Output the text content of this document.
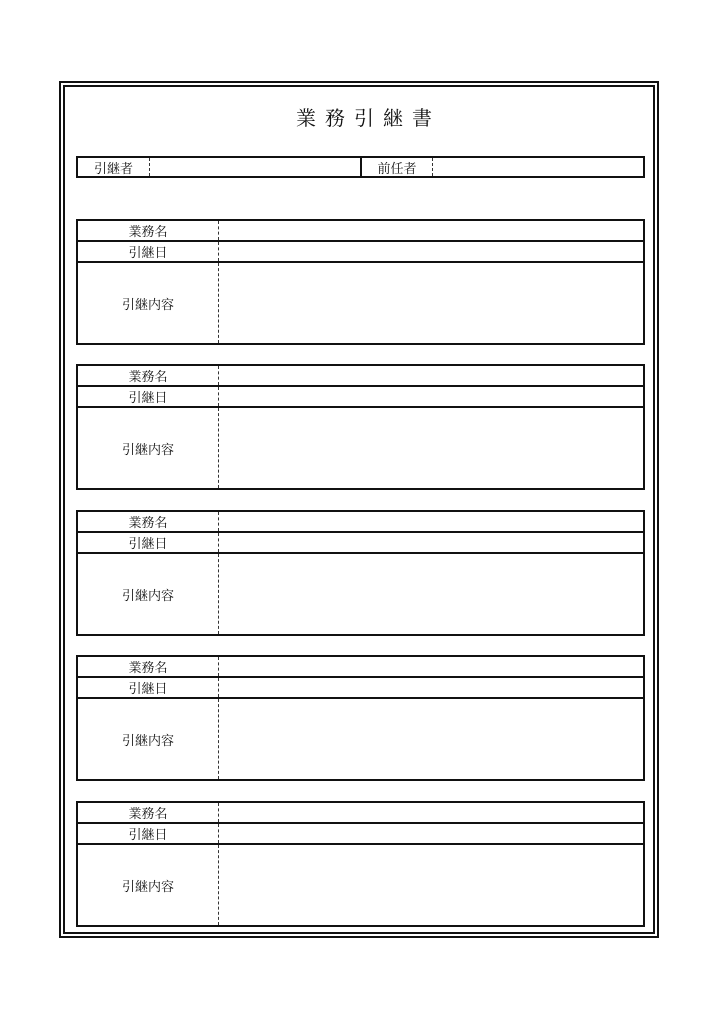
業務引継書
引継者	前任者
業務名
引継日
引継内容
業務名
引継日
引継内容
業務名
引継日
引継内容
業務名
引継日
引継内容
業務名
引継日
引継内容
